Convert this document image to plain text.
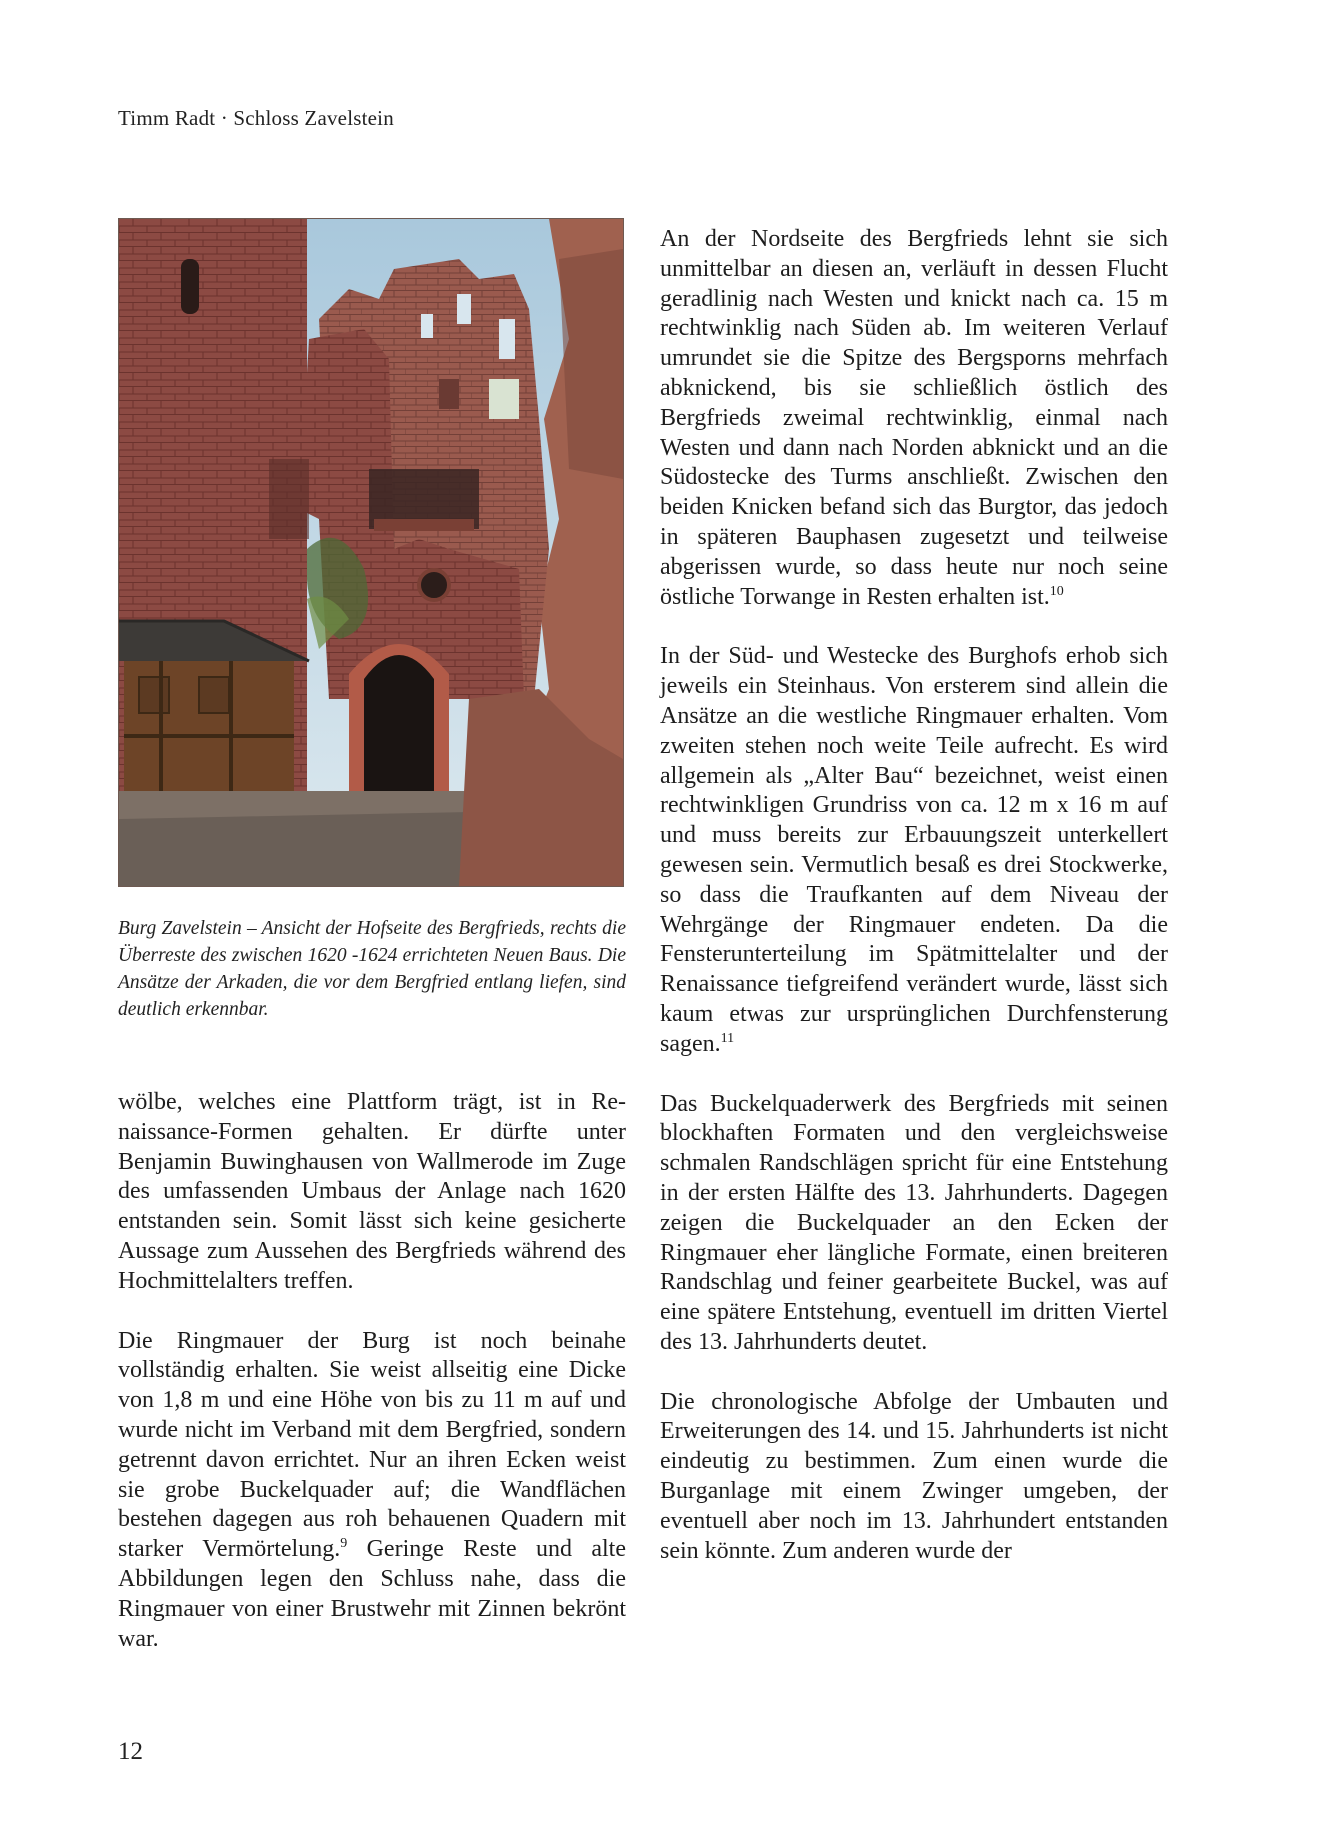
Timm Radt · Schloss Zavelstein

Burg Zavelstein – Ansicht der Hofseite des Bergfrieds, rechts die Überreste des zwischen 1620 -1624 errichteten Neuen Baus. Die Ansätze der Arkaden, die vor dem Bergfried entlang liefen, sind deutlich erkennbar.

wölbe, welches eine Plattform trägt, ist in Renaissance-Formen gehalten. Er dürfte unter Benjamin Buwinghausen von Wallmerode im Zuge des umfassenden Umbaus der Anlage nach 1620 entstanden sein. Somit lässt sich keine gesicherte Aussage zum Aussehen des Bergfrieds während des Hochmittelalters treffen.

Die Ringmauer der Burg ist noch beinahe vollständig erhalten. Sie weist allseitig eine Dicke von 1,8 m und eine Höhe von bis zu 11 m auf und wurde nicht im Verband mit dem Bergfried, sondern getrennt davon errichtet. Nur an ihren Ecken weist sie grobe Buckelquader auf; die Wandflächen bestehen dagegen aus roh behauenen Quadern mit starker Vermörtelung.$^9$ Geringe Reste und alte Abbildungen legen den Schluss nahe, dass die Ringmauer von einer Brustwehr mit Zinnen bekrönt war.

An der Nordseite des Bergfrieds lehnt sie sich unmittelbar an diesen an, verläuft in dessen Flucht geradlinig nach Westen und knickt nach ca. 15 m rechtwinklig nach Süden ab. Im weiteren Verlauf umrundet sie die Spitze des Bergsporns mehrfach abknickend, bis sie schließlich östlich des Bergfrieds zweimal rechtwinklig, einmal nach Westen und dann nach Norden abknickt und an die Südostecke des Turms anschließt. Zwischen den beiden Knicken befand sich das Burgtor, das jedoch in späteren Bauphasen zugesetzt und teilweise abgerissen wurde, so dass heute nur noch seine östliche Torwange in Resten erhalten ist.$^{10}$

In der Süd- und Westecke des Burghofs erhob sich jeweils ein Steinhaus. Von ersterem sind allein die Ansätze an die westliche Ringmauer erhalten. Vom zweiten stehen noch weite Teile aufrecht. Es wird allgemein als „Alter Bau“ bezeichnet, weist einen rechtwinkligen Grundriss von ca. 12 m x 16 m auf und muss bereits zur Erbauungszeit unterkellert gewesen sein. Vermutlich besaß es drei Stockwerke, so dass die Traufkanten auf dem Niveau der Wehrgänge der Ringmauer endeten. Da die Fensterunterteilung im Spätmittelalter und der Renaissance tiefgreifend verändert wurde, lässt sich kaum etwas zur ursprünglichen Durchfensterung sagen.$^{11}$

Das Buckelquaderwerk des Bergfrieds mit seinen blockhaften Formaten und den vergleichsweise schmalen Randschlägen spricht für eine Entstehung in der ersten Hälfte des 13. Jahrhunderts. Dagegen zeigen die Buckelquader an den Ecken der Ringmauer eher längliche Formate, einen breiteren Randschlag und feiner gearbeitete Buckel, was auf eine spätere Entstehung, eventuell im dritten Viertel des 13. Jahrhunderts deutet.

Die chronologische Abfolge der Umbauten und Erweiterungen des 14. und 15. Jahrhunderts ist nicht eindeutig zu bestimmen. Zum einen wurde die Burganlage mit einem Zwinger umgeben, der eventuell aber noch im 13. Jahrhundert entstanden sein könnte. Zum anderen wurde der

12
